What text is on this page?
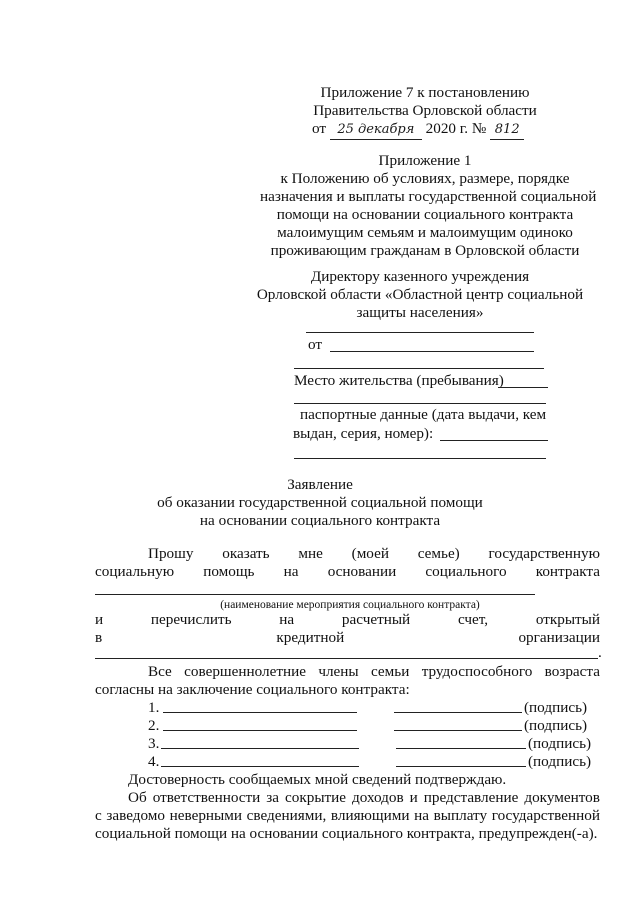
Приложение 7 к постановлению
Правительства Орловской области
от 25 декабря 2020 г. № 812
Приложение 1
к Положению об условиях, размере, порядке
назначения и выплаты государственной социальной
помощи на основании социального контракта
малоимущим семьям и малоимущим одиноко
проживающим гражданам в Орловской области
Директору казенного учреждения
Орловской области «Областной центр социальной
защиты населения»
от
Место жительства (пребывания)
паспортные данные (дата выдачи, кем
выдан, серия, номер):
Заявление
об оказании государственной социальной помощи
на основании социального контракта
Прошу оказать мне (моей семье) государственную
социальную помощь на основании социального контракта
(наименование мероприятия социального контракта)
и	перечислить	на	расчетный	счет,	открытый
в	кредитной	организации
.
Все совершеннолетние члены семьи трудоспособного возраста
согласны на заключение социального контракта:
1.	(подпись)
2.	(подпись)
3.	(подпись)
4.	(подпись)
Достоверность сообщаемых мной сведений подтверждаю.
Об ответственности за сокрытие доходов и представление документов
с заведомо неверными сведениями, влияющими на выплату государственной
социальной помощи на основании социального контракта, предупрежден(-а).
